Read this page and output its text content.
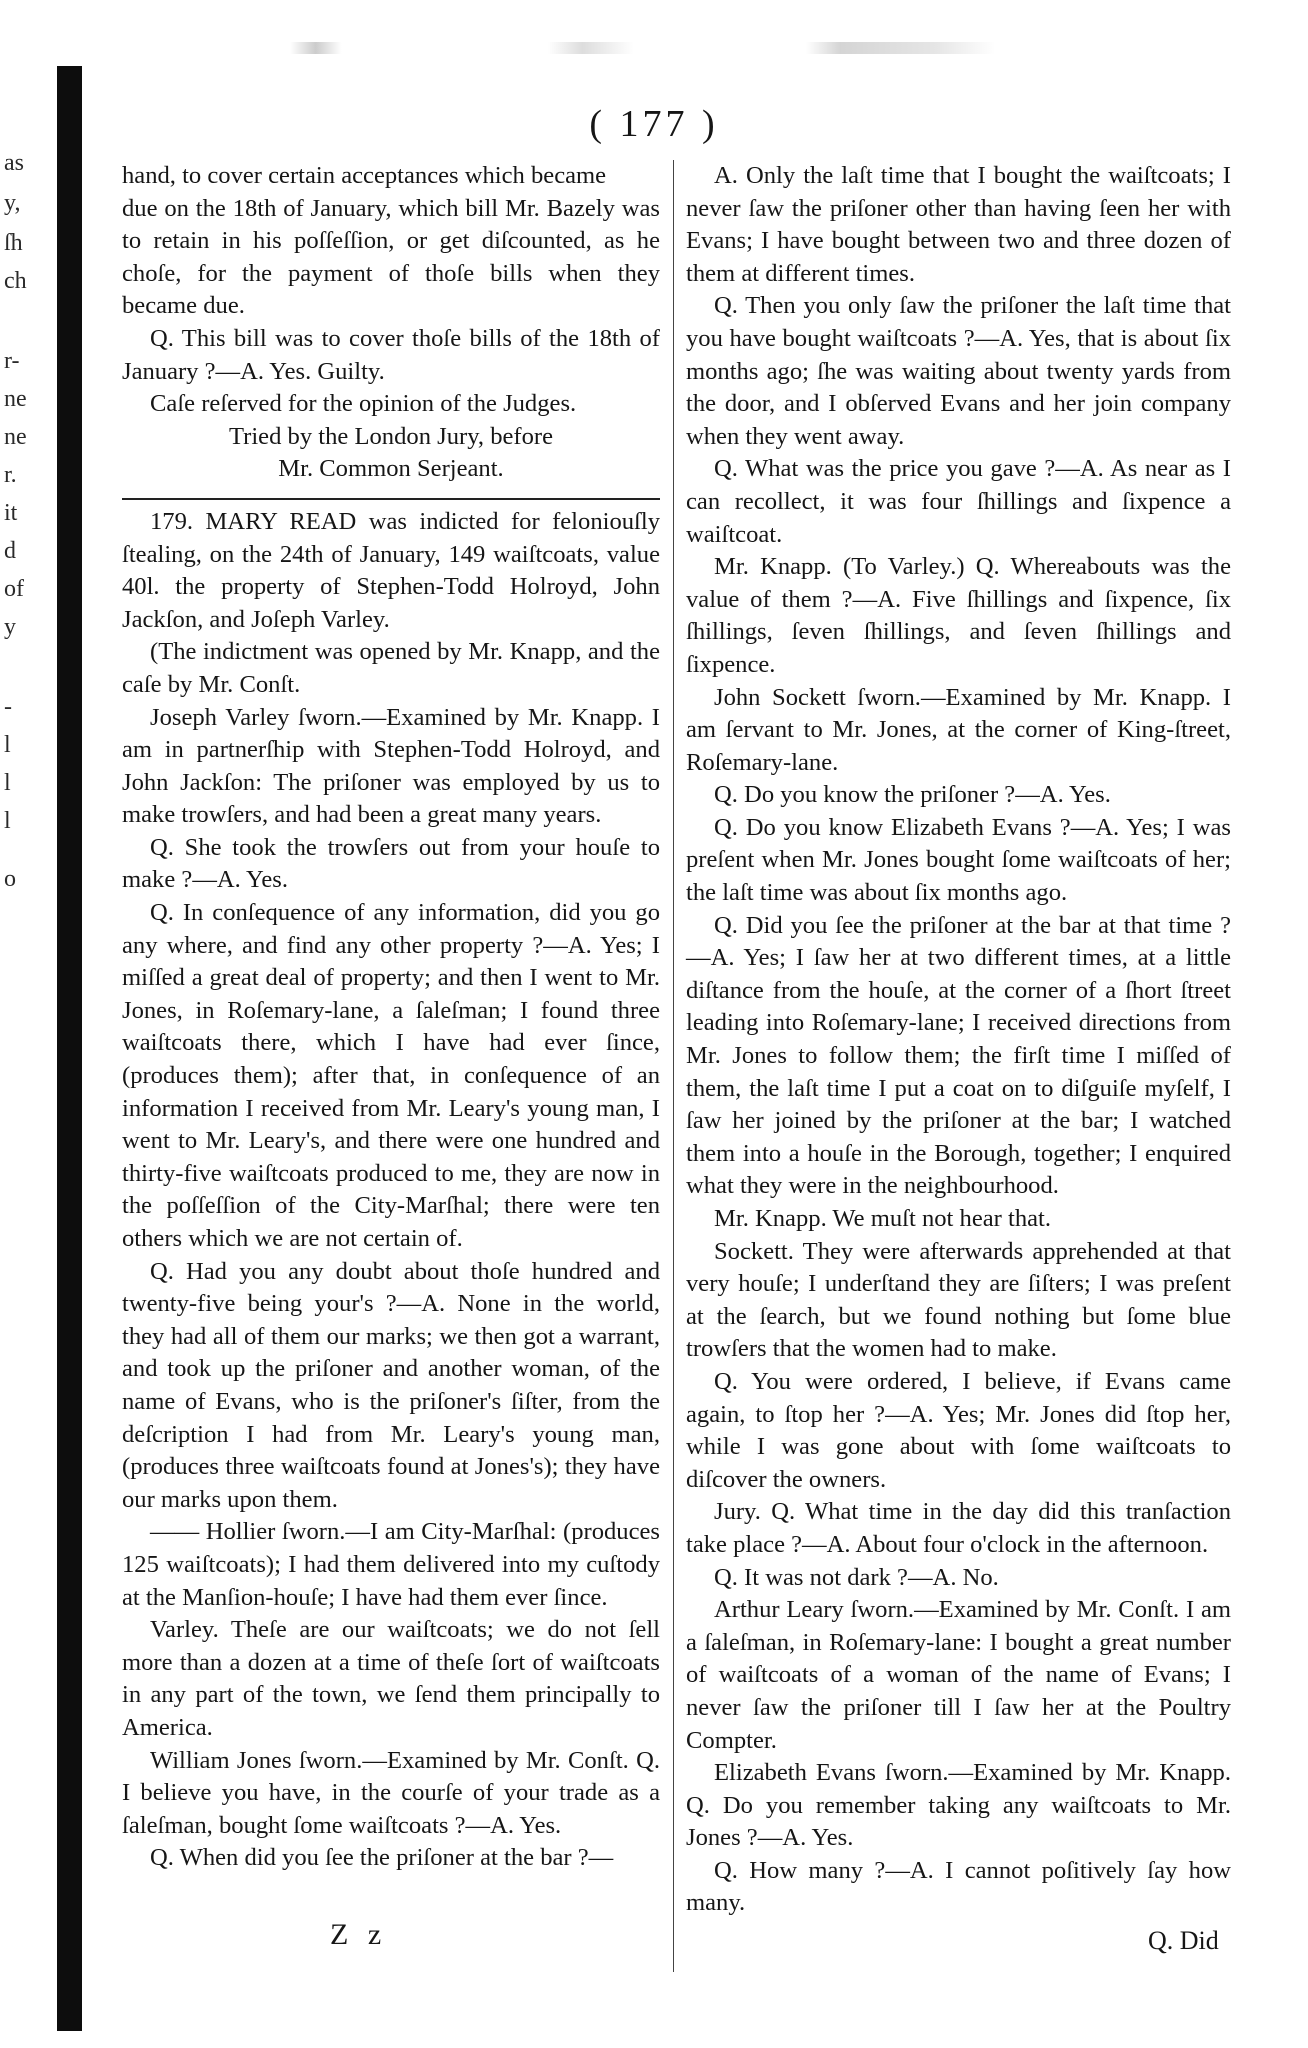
as
y,
ſh
ch
r-
ne
ne
r.
it
d
of
y
-
l
l
l
o
( 177 )

hand, to cover certain acceptances which became

due on the 18th of January, which bill Mr. Bazely was to retain in his poſſeſſion, or get diſcounted, as he choſe, for the payment of thoſe bills when they became due.

Q. This bill was to cover thoſe bills of the 18th of January ?—A. Yes. Guilty.

Caſe reſerved for the opinion of the Judges.

Tried by the London Jury, before

Mr. Common Serjeant.

179. MARY READ was indicted for feloniouſly ſtealing, on the 24th of January, 149 waiſtcoats, value 40l. the property of Stephen-Todd Holroyd, John Jackſon, and Joſeph Varley.

(The indictment was opened by Mr. Knapp, and the caſe by Mr. Conſt.

Joseph Varley ſworn.—Examined by Mr. Knapp. I am in partnerſhip with Stephen-Todd Holroyd, and John Jackſon: The priſoner was employed by us to make trowſers, and had been a great many years.

Q. She took the trowſers out from your houſe to make ?—A. Yes.

Q. In conſequence of any information, did you go any where, and find any other property ?—A. Yes; I miſſed a great deal of property; and then I went to Mr. Jones, in Roſemary-lane, a ſaleſman; I found three waiſtcoats there, which I have had ever ſince, (produces them); after that, in conſequence of an information I received from Mr. Leary's young man, I went to Mr. Leary's, and there were one hundred and thirty-five waiſtcoats produced to me, they are now in the poſſeſſion of the City-Marſhal; there were ten others which we are not certain of.

Q. Had you any doubt about thoſe hundred and twenty-five being your's ?—A. None in the world, they had all of them our marks; we then got a warrant, and took up the priſoner and another woman, of the name of Evans, who is the priſoner's ſiſter, from the deſcription I had from Mr. Leary's young man, (produces three waiſtcoats found at Jones's); they have our marks upon them.

—— Hollier ſworn.—I am City-Marſhal: (produces 125 waiſtcoats); I had them delivered into my cuſtody at the Manſion-houſe; I have had them ever ſince.

Varley. Theſe are our waiſtcoats; we do not ſell more than a dozen at a time of theſe ſort of waiſtcoats in any part of the town, we ſend them principally to America.

William Jones ſworn.—Examined by Mr. Conſt. Q. I believe you have, in the courſe of your trade as a ſaleſman, bought ſome waiſtcoats ?—A. Yes.

Q. When did you ſee the priſoner at the bar ?—

A. Only the laſt time that I bought the waiſtcoats; I never ſaw the priſoner other than having ſeen her with Evans; I have bought between two and three dozen of them at different times.

Q. Then you only ſaw the priſoner the laſt time that you have bought waiſtcoats ?—A. Yes, that is about ſix months ago; ſhe was waiting about twenty yards from the door, and I obſerved Evans and her join company when they went away.

Q. What was the price you gave ?—A. As near as I can recollect, it was four ſhillings and ſixpence a waiſtcoat.

Mr. Knapp. (To Varley.) Q. Whereabouts was the value of them ?—A. Five ſhillings and ſixpence, ſix ſhillings, ſeven ſhillings, and ſeven ſhillings and ſixpence.

John Sockett ſworn.—Examined by Mr. Knapp. I am ſervant to Mr. Jones, at the corner of King-ſtreet, Roſemary-lane.

Q. Do you know the priſoner ?—A. Yes.

Q. Do you know Elizabeth Evans ?—A. Yes; I was preſent when Mr. Jones bought ſome waiſtcoats of her; the laſt time was about ſix months ago.

Q. Did you ſee the priſoner at the bar at that time ?—A. Yes; I ſaw her at two different times, at a little diſtance from the houſe, at the corner of a ſhort ſtreet leading into Roſemary-lane; I received directions from Mr. Jones to follow them; the firſt time I miſſed of them, the laſt time I put a coat on to diſguiſe myſelf, I ſaw her joined by the priſoner at the bar; I watched them into a houſe in the Borough, together; I enquired what they were in the neighbourhood.

Mr. Knapp. We muſt not hear that.

Sockett. They were afterwards apprehended at that very houſe; I underſtand they are ſiſters; I was preſent at the ſearch, but we found nothing but ſome blue trowſers that the women had to make.

Q. You were ordered, I believe, if Evans came again, to ſtop her ?—A. Yes; Mr. Jones did ſtop her, while I was gone about with ſome waiſtcoats to diſcover the owners.

Jury. Q. What time in the day did this tranſaction take place ?—A. About four o'clock in the afternoon.

Q. It was not dark ?—A. No.

Arthur Leary ſworn.—Examined by Mr. Conſt. I am a ſaleſman, in Roſemary-lane: I bought a great number of waiſtcoats of a woman of the name of Evans; I never ſaw the priſoner till I ſaw her at the Poultry Compter.

Elizabeth Evans ſworn.—Examined by Mr. Knapp. Q. Do you remember taking any waiſtcoats to Mr. Jones ?—A. Yes.

Q. How many ?—A. I cannot poſitively ſay how many.

Z z	Q. Did
